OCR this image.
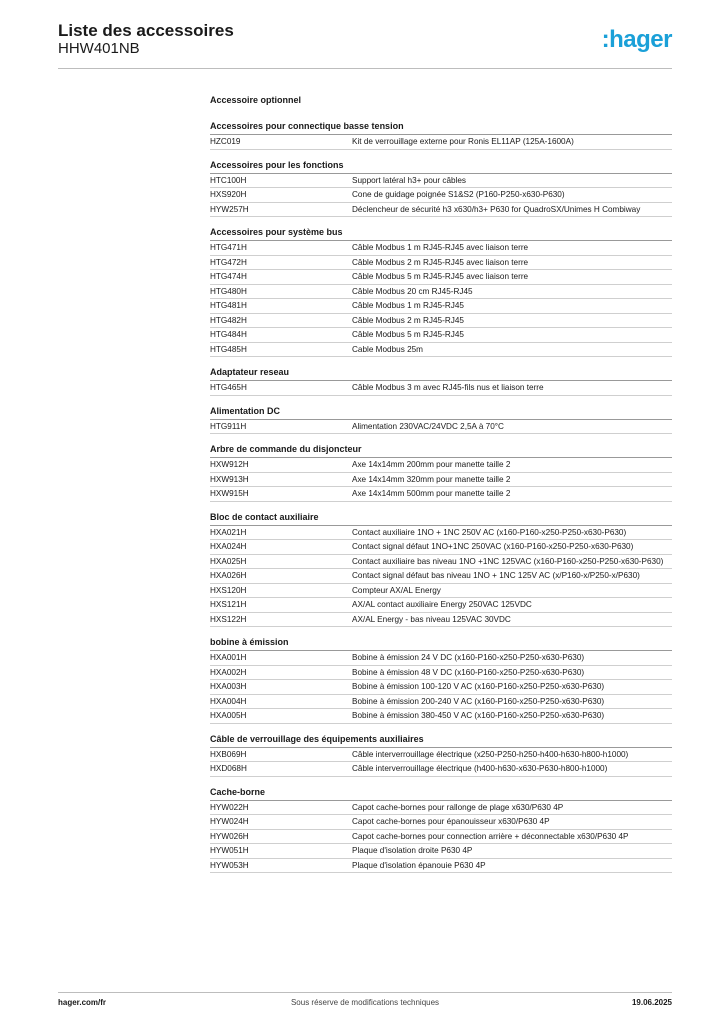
Liste des accessoires
HHW401NB	:hager
Accessoire optionnel
Accessoires pour connectique basse tension
HZC019	Kit de verrouillage externe pour Ronis EL11AP (125A-1600A)
Accessoires pour les fonctions
HTC100H	Support latéral h3+ pour câbles
HXS920H	Cone de guidage poignée S1&S2 (P160-P250-x630-P630)
HYW257H	Déclencheur de sécurité h3 x630/h3+ P630 for QuadroSX/Unimes H Combiway
Accessoires pour système bus
HTG471H	Câble Modbus 1 m RJ45-RJ45 avec liaison terre
HTG472H	Câble Modbus 2 m RJ45-RJ45 avec liaison terre
HTG474H	Câble Modbus 5 m RJ45-RJ45 avec liaison terre
HTG480H	Câble Modbus 20 cm RJ45-RJ45
HTG481H	Câble Modbus 1 m RJ45-RJ45
HTG482H	Câble Modbus 2 m RJ45-RJ45
HTG484H	Câble Modbus 5 m RJ45-RJ45
HTG485H	Cable Modbus 25m
Adaptateur reseau
HTG465H	Câble Modbus 3 m avec RJ45-fils nus et liaison terre
Alimentation DC
HTG911H	Alimentation 230VAC/24VDC 2,5A à 70°C
Arbre de commande du disjoncteur
HXW912H	Axe 14x14mm 200mm pour manette taille 2
HXW913H	Axe 14x14mm 320mm pour manette taille 2
HXW915H	Axe 14x14mm 500mm pour manette taille 2
Bloc de contact auxiliaire
HXA021H	Contact auxiliaire 1NO + 1NC 250V AC (x160-P160-x250-P250-x630-P630)
HXA024H	Contact signal défaut 1NO+1NC 250VAC (x160-P160-x250-P250-x630-P630)
HXA025H	Contact auxiliaire bas niveau 1NO +1NC 125VAC (x160-P160-x250-P250-x630-P630)
HXA026H	Contact signal défaut bas niveau 1NO + 1NC 125V AC (x/P160-x/P250-x/P630)
HXS120H	Compteur AX/AL Energy
HXS121H	AX/AL contact auxiliaire Energy 250VAC 125VDC
HXS122H	AX/AL Energy - bas niveau 125VAC 30VDC
bobine à émission
HXA001H	Bobine à émission 24 V DC (x160-P160-x250-P250-x630-P630)
HXA002H	Bobine à émission 48 V DC (x160-P160-x250-P250-x630-P630)
HXA003H	Bobine à émission 100-120 V AC (x160-P160-x250-P250-x630-P630)
HXA004H	Bobine à émission 200-240 V AC (x160-P160-x250-P250-x630-P630)
HXA005H	Bobine à émission 380-450 V AC (x160-P160-x250-P250-x630-P630)
Câble de verrouillage des équipements auxiliaires
HXB069H	Câble interverrouillage électrique (x250-P250-h250-h400-h630-h800-h1000)
HXD068H	Câble interverrouillage électrique (h400-h630-x630-P630-h800-h1000)
Cache-borne
HYW022H	Capot cache-bornes pour rallonge de plage x630/P630 4P
HYW024H	Capot cache-bornes pour épanouisseur x630/P630 4P
HYW026H	Capot cache-bornes pour connection arrière + déconnectable x630/P630 4P
HYW051H	Plaque d'isolation droite P630 4P
HYW053H	Plaque d'isolation épanouie P630 4P
hager.com/fr	Sous réserve de modifications techniques	19.06.2025
